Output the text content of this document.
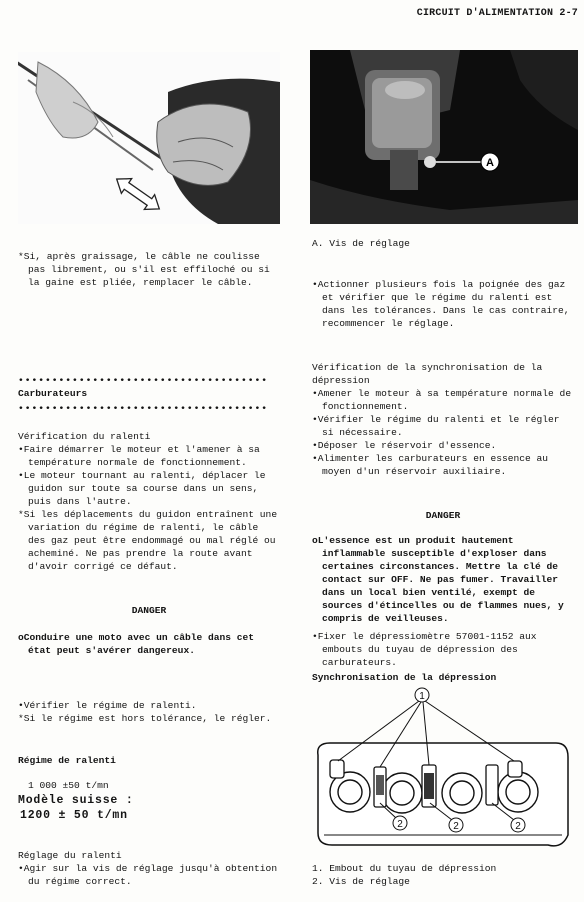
CIRCUIT D'ALIMENTATION 2-7
A

*Si, après graissage, le câble ne coulisse pas librement, ou s'il est effiloché ou si la gaine est pliée, remplacer le câble.

•••••••••••••••••••••••••••••••••••••
Carburateurs
•••••••••••••••••••••••••••••••••••••

Vérification du ralenti

•Faire démarrer le moteur et l'amener à sa température normale de fonctionnement.

•Le moteur tournant au ralenti, déplacer le guidon sur toute sa course dans un sens, puis dans l'autre.

*Si les déplacements du guidon entraînent une variation du régime de ralenti, le câble des gaz peut être endommagé ou mal réglé ou acheminé. Ne pas prendre la route avant d'avoir corrigé ce défaut.

DANGER

oConduire une moto avec un câble dans cet état peut s'avérer dangereux.

•Vérifier le régime de ralenti.

*Si le régime est hors tolérance, le régler.

Régime de ralenti
1 000 ±50 t/mn
Modèle suisse :
1200 ± 50 t/mn

Réglage du ralenti

•Agir sur la vis de réglage jusqu'à obtention du régime correct.

A. Vis de réglage

•Actionner plusieurs fois la poignée des gaz et vérifier que le régime du ralenti est dans les tolérances. Dans le cas contraire, recommencer le réglage.

Vérification de la synchronisation de la dépression

•Amener le moteur à sa température normale de fonctionnement.

•Vérifier le régime du ralenti et le régler si nécessaire.

•Déposer le réservoir d'essence.

•Alimenter les carburateurs en essence au moyen d'un réservoir auxiliaire.

DANGER

oL'essence est un produit hautement inflammable susceptible d'exploser dans certaines circonstances. Mettre la clé de contact sur OFF. Ne pas fumer. Travailler dans un local bien ventilé, exempt de sources d'étincelles ou de flammes nues, y compris de veilleuses.

•Fixer le dépressiomètre 57001-1152 aux embouts du tuyau de dépression des carburateurs.

Synchronisation de la dépression
1
2	2	2

1. Embout du tuyau de dépression

2. Vis de réglage
